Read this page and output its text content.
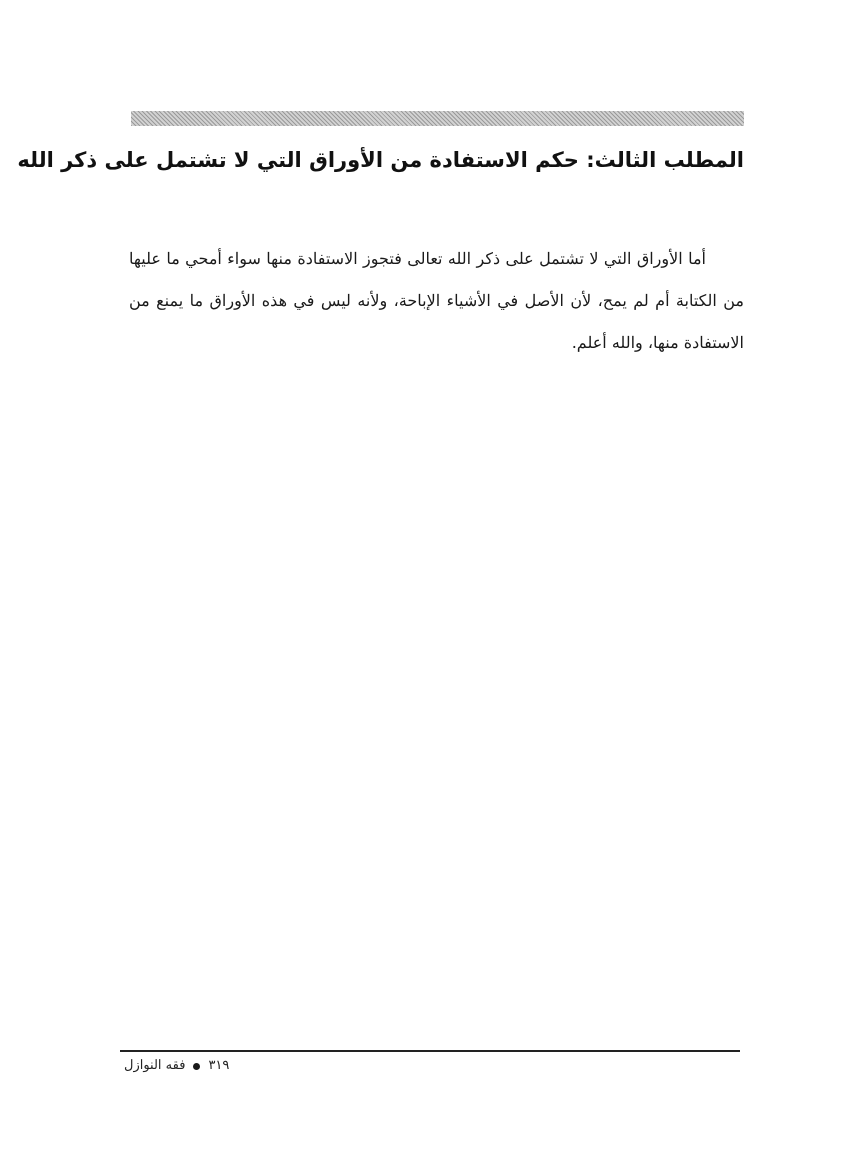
المطلب الثالث: حكم الاستفادة من الأوراق التي لا تشتمل على ذكر الله

أما الأوراق التي لا تشتمل على ذكر الله تعالى فتجوز الاستفادة منها سواء أمحي ما عليها من الكتابة أم لم يمح، لأن الأصل في الأشياء الإباحة، ولأنه ليس في هذه الأوراق ما يمنع من الاستفادة منها، والله أعلم.

فقه النوازل ٣١٩
